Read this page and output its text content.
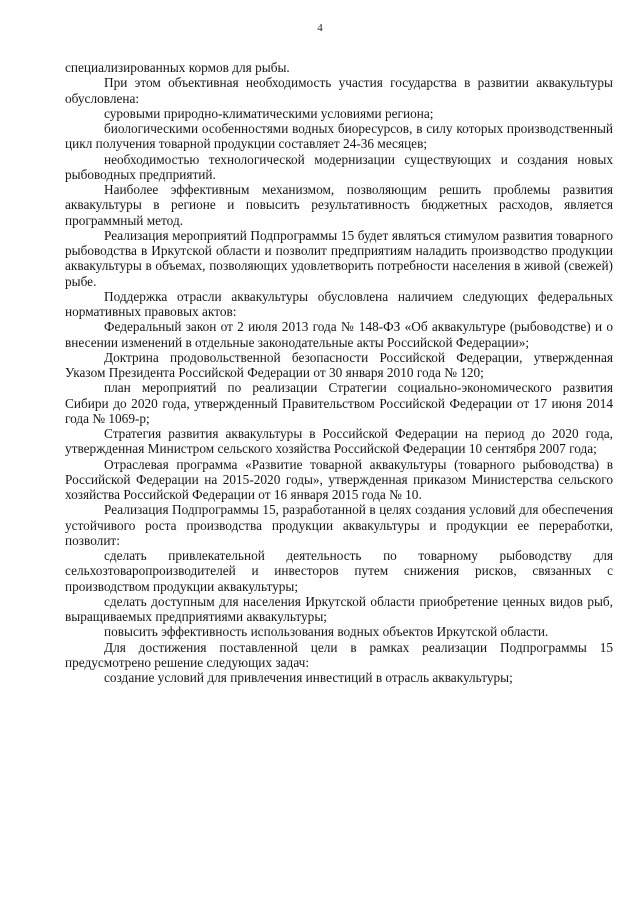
4

специализированных кормов для рыбы.

При этом объективная необходимость участия государства в развитии аквакультуры обусловлена:

суровыми природно-климатическими условиями региона;

биологическими особенностями водных биоресурсов, в силу которых производственный цикл получения товарной продукции составляет 24-36 месяцев;

необходимостью технологической модернизации существующих и создания новых рыбоводных предприятий.

Наиболее эффективным механизмом, позволяющим решить проблемы развития аквакультуры в регионе и повысить результативность бюджетных расходов, является программный метод.

Реализация мероприятий Подпрограммы 15 будет являться стимулом развития товарного рыбоводства в Иркутской области и позволит предприятиям наладить производство продукции аквакультуры в объемах, позволяющих удовлетворить потребности населения в живой (свежей) рыбе.

Поддержка отрасли аквакультуры обусловлена наличием следующих федеральных нормативных правовых актов:

Федеральный закон от 2 июля 2013 года № 148-ФЗ «Об аквакультуре (рыбоводстве) и о внесении изменений в отдельные законодательные акты Российской Федерации»;

Доктрина продовольственной безопасности Российской Федерации, утвержденная Указом Президента Российской Федерации от 30 января 2010 года № 120;

план мероприятий по реализации Стратегии социально-экономического развития Сибири до 2020 года, утвержденный Правительством Российской Федерации от 17 июня 2014 года № 1069-р;

Стратегия развития аквакультуры в Российской Федерации на период до 2020 года, утвержденная Министром сельского хозяйства Российской Федерации 10 сентября 2007 года;

Отраслевая программа «Развитие товарной аквакультуры (товарного рыбоводства) в Российской Федерации на 2015-2020 годы», утвержденная приказом Министерства сельского хозяйства Российской Федерации от 16 января 2015 года № 10.

Реализация Подпрограммы 15, разработанной в целях создания условий для обеспечения устойчивого роста производства продукции аквакультуры и продукции ее переработки, позволит:

сделать привлекательной деятельность по товарному рыбоводству для сельхозтоваропроизводителей и инвесторов путем снижения рисков, связанных с производством продукции аквакультуры;

сделать доступным для населения Иркутской области приобретение ценных видов рыб, выращиваемых предприятиями аквакультуры;

повысить эффективность использования водных объектов Иркутской области.

Для достижения поставленной цели в рамках реализации Подпрограммы 15 предусмотрено решение следующих задач:

создание условий для привлечения инвестиций в отрасль аквакультуры;
